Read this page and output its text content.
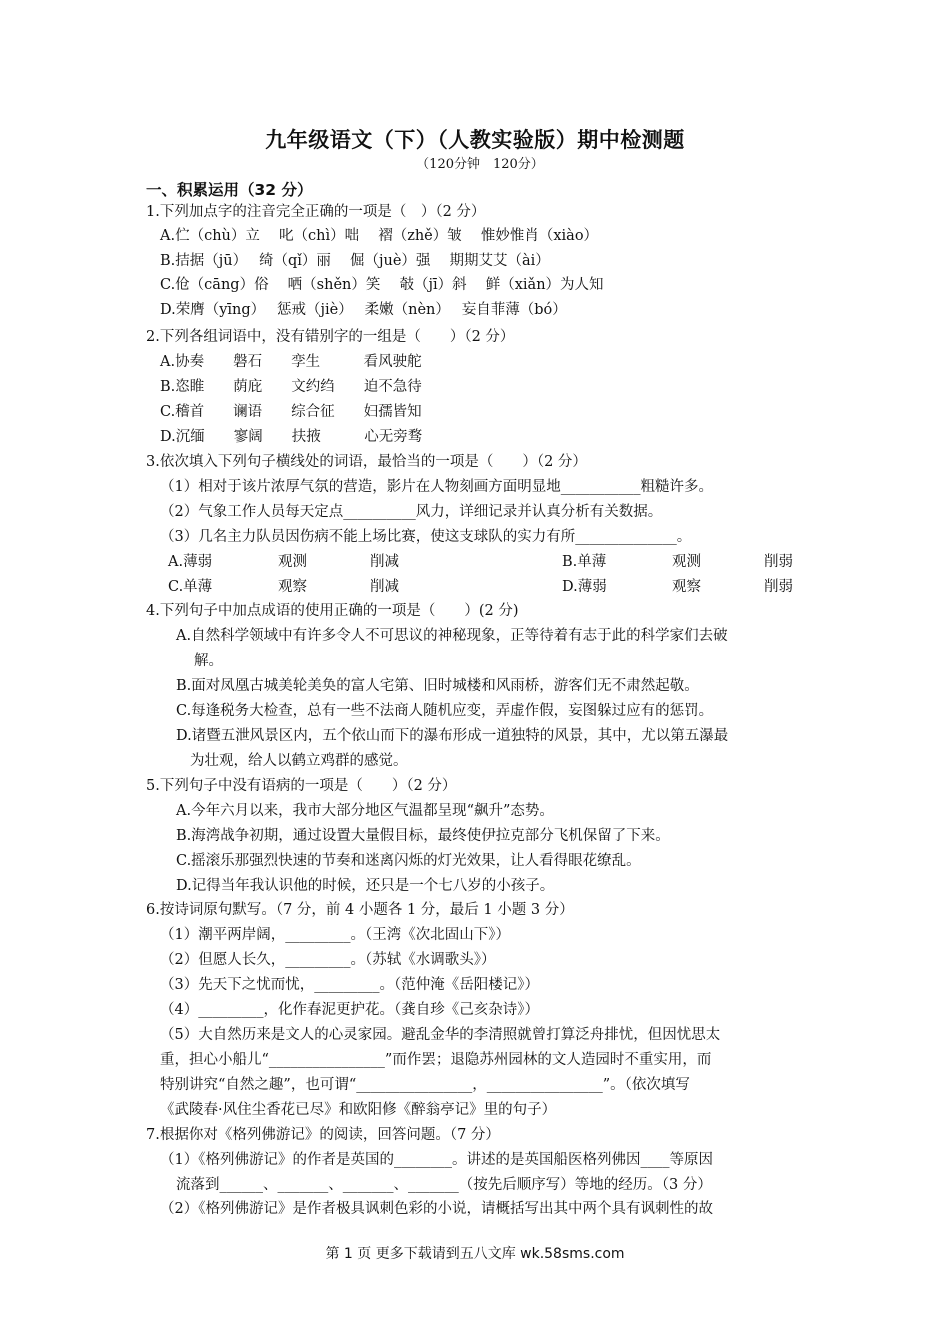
九年级语文（下）（人教实验版）期中检测题
（120分钟　120分）
一、积累运用（32 分）
1.下列加点字的注音完全正确的一项是（　）（2 分）
A.伫（chù）立　 叱（chì）咄　 褶（zhě）皱　 惟妙惟肖（xiào）
B.拮据（jū）　 绮（qǐ）丽　 倔（juè）强　 期期艾艾（ài）
C.伧（cāng）俗　 哂（shěn）笑　 攲（jī）斜　 鲜（xiǎn）为人知
D.荣膺（yīng）　 惩戒（jiè）　 柔嫩（nèn）　 妄自菲薄（bó）
2.下列各组词语中，没有错别字的一组是（　　）（2 分）
A.协奏　　磐石　　孪生　　　看风驶舵
B.恣睢　　荫庇　　文约绉　　迫不急待
C.稽首　　谰语　　综合征　　妇孺皆知
D.沉缅　　寥阔　　扶掖　　　心无旁骛
3.依次填入下列句子横线处的词语，最恰当的一项是（　　）（2 分）
（1）相对于该片浓厚气氛的营造，影片在人物刻画方面明显地___________粗糙许多。
（2）气象工作人员每天定点__________风力，详细记录并认真分析有关数据。
（3）几名主力队员因伤病不能上场比赛，使这支球队的实力有所______________。
A.薄弱	观测	削减	B.单薄	观测	削弱
C.单薄	观察	削减	D.薄弱	观察	削弱
4.下列句子中加点成语的使用正确的一项是（　　）(2 分)
A.自然科学领域中有许多令人不可思议的神秘现象，正等待着有志于此的科学家们去破
解。
B.面对凤凰古城美轮美奂的富人宅第、旧时城楼和风雨桥，游客们无不肃然起敬。
C.每逢税务大检查，总有一些不法商人随机应变，弄虚作假，妄图躲过应有的惩罚。
D.诸暨五泄风景区内，五个依山而下的瀑布形成一道独特的风景，其中，尤以第五瀑最
为壮观，给人以鹤立鸡群的感觉。
5.下列句子中没有语病的一项是（　　）（2 分）
A.今年六月以来，我市大部分地区气温都呈现“飙升”态势。
B.海湾战争初期，通过设置大量假目标，最终使伊拉克部分飞机保留了下来。
C.摇滚乐那强烈快速的节奏和迷离闪烁的灯光效果，让人看得眼花缭乱。
D.记得当年我认识他的时候，还只是一个七八岁的小孩子。
6.按诗词原句默写。（7 分，前 4 小题各 1 分，最后 1 小题 3 分）
（1）潮平两岸阔，_________。（王湾《次北固山下》）
（2）但愿人长久，_________。（苏轼《水调歌头》）
（3）先天下之忧而忧，_________。（范仲淹《岳阳楼记》）
（4）_________，化作春泥更护花。（龚自珍《己亥杂诗》）
（5）大自然历来是文人的心灵家园。避乱金华的李清照就曾打算泛舟排忧，但因忧思太
重，担心小船儿“________________”而作罢；退隐苏州园林的文人造园时不重实用，而
特别讲究“自然之趣”，也可谓“________________，________________”。（依次填写
《武陵春·风住尘香花已尽》和欧阳修《醉翁亭记》里的句子）
7.根据你对《格列佛游记》的阅读，回答问题。（7 分）
（1）《格列佛游记》的作者是英国的________。讲述的是英国船医格列佛因____等原因
流落到______、_______、_______、_______（按先后顺序写）等地的经历。（3 分）
（2）《格列佛游记》是作者极具讽刺色彩的小说，请概括写出其中两个具有讽刺性的故
第 1 页 更多下载请到五八文库 wk.58sms.com
